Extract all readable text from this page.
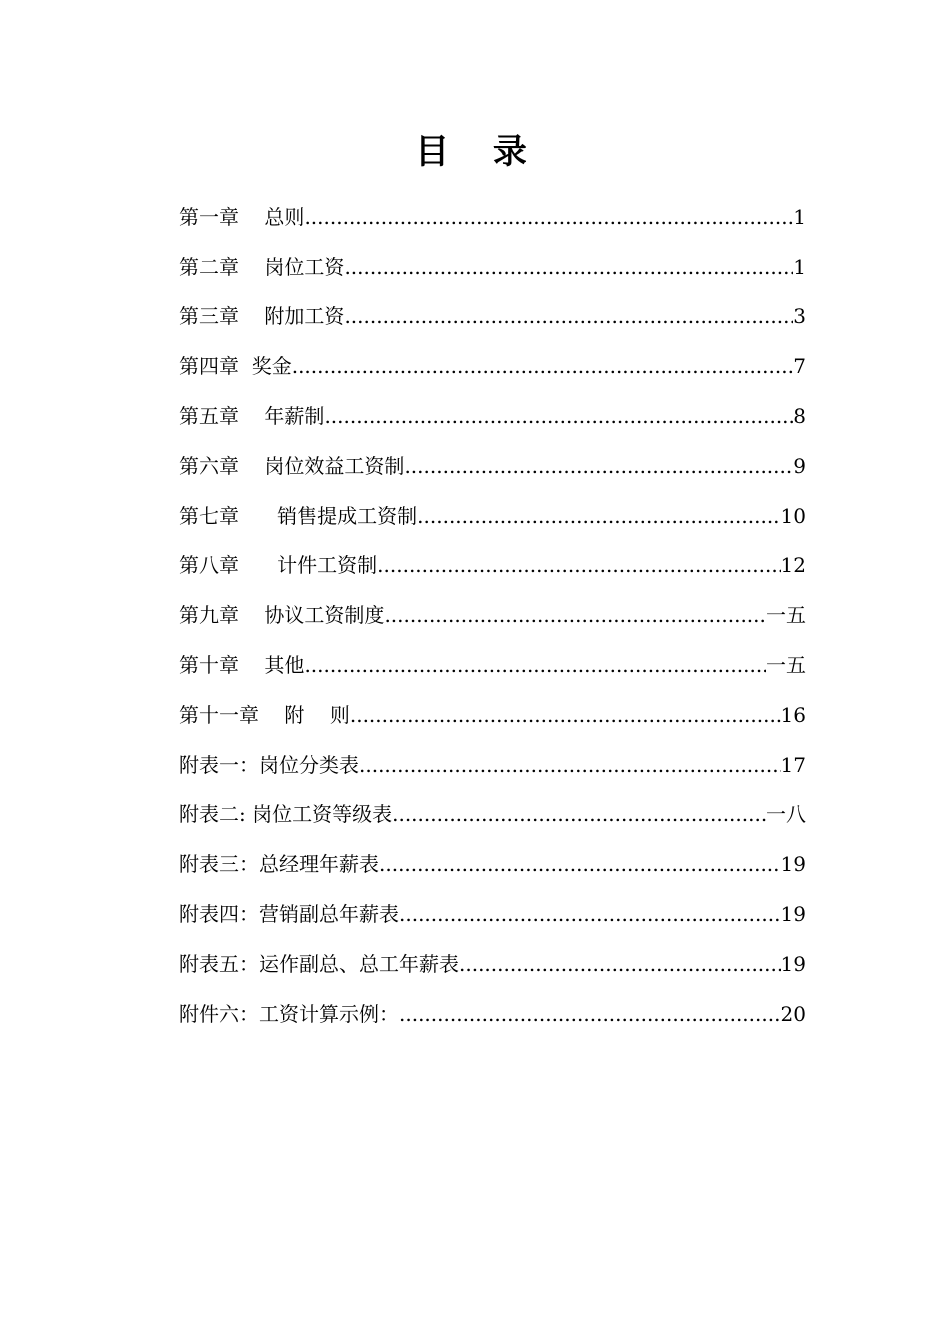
目 录
第一章    总则 .....	1
第二章    岗位工资 .....	1
第三章    附加工资 .....	3
第四章  奖金 .....	7
第五章    年薪制 .....	8
第六章    岗位效益工资制 .....	9
第七章      销售提成工资制 .....	10
第八章      计件工资制 .....	12
第九章    协议工资制度 .....	一五
第十章    其他 .....	一五
第十一章    附    则 .....	16
附表一：岗位分类表 .....	17
附表二: 岗位工资等级表 .....	一八
附表三：总经理年薪表 .....	19
附表四：营销副总年薪表 .....	19
附表五：运作副总、总工年薪表 .....	19
附件六：工资计算示例： .....	20
